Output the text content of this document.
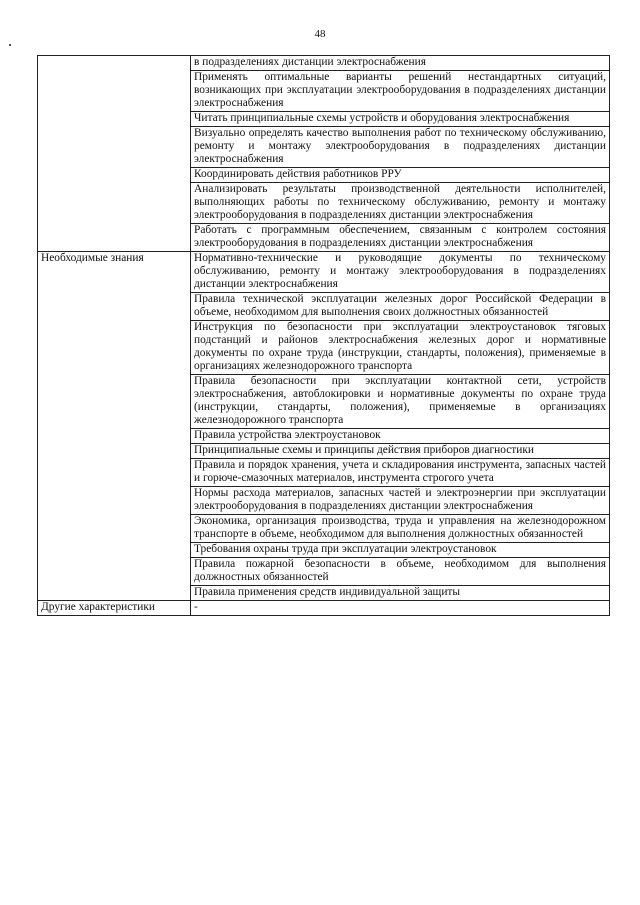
48
	в подразделениях дистанции электроснабжения
	Применять оптимальные варианты решений нестандартных ситуаций, возникающих при эксплуатации электрооборудования в подразделениях дистанции электроснабжения
	Читать принципиальные схемы устройств и оборудования электроснабжения
	Визуально определять качество выполнения работ по техническому обслуживанию, ремонту и монтажу электрооборудования в подразделениях дистанции электроснабжения
	Координировать действия работников РРУ
	Анализировать результаты производственной деятельности исполнителей, выполняющих работы по техническому обслуживанию, ремонту и монтажу электрооборудования в подразделениях дистанции электроснабжения
	Работать с программным обеспечением, связанным с контролем состояния электрооборудования в подразделениях дистанции электроснабжения
Необходимые знания	Нормативно-технические и руководящие документы по техническому обслуживанию, ремонту и монтажу электрооборудования в подразделениях дистанции электроснабжения
	Правила технической эксплуатации железных дорог Российской Федерации в объеме, необходимом для выполнения своих должностных обязанностей
	Инструкция по безопасности при эксплуатации электроустановок тяговых подстанций и районов электроснабжения железных дорог и нормативные документы по охране труда (инструкции, стандарты, положения), применяемые в организациях железнодорожного транспорта
	Правила безопасности при эксплуатации контактной сети, устройств электроснабжения, автоблокировки и нормативные документы по охране труда (инструкции, стандарты, положения), применяемые в организациях железнодорожного транспорта
	Правила устройства электроустановок
	Принципиальные схемы и принципы действия приборов диагностики
	Правила и порядок хранения, учета и складирования инструмента, запасных частей и горюче-смазочных материалов, инструмента строгого учета
	Нормы расхода материалов, запасных частей и электроэнергии при эксплуатации электрооборудования в подразделениях дистанции электроснабжения
	Экономика, организация производства, труда и управления на железнодорожном транспорте в объеме, необходимом для выполнения должностных обязанностей
	Требования охраны труда при эксплуатации электроустановок
	Правила пожарной безопасности в объеме, необходимом для выполнения должностных обязанностей
	Правила применения средств индивидуальной защиты
Другие характеристики	-
